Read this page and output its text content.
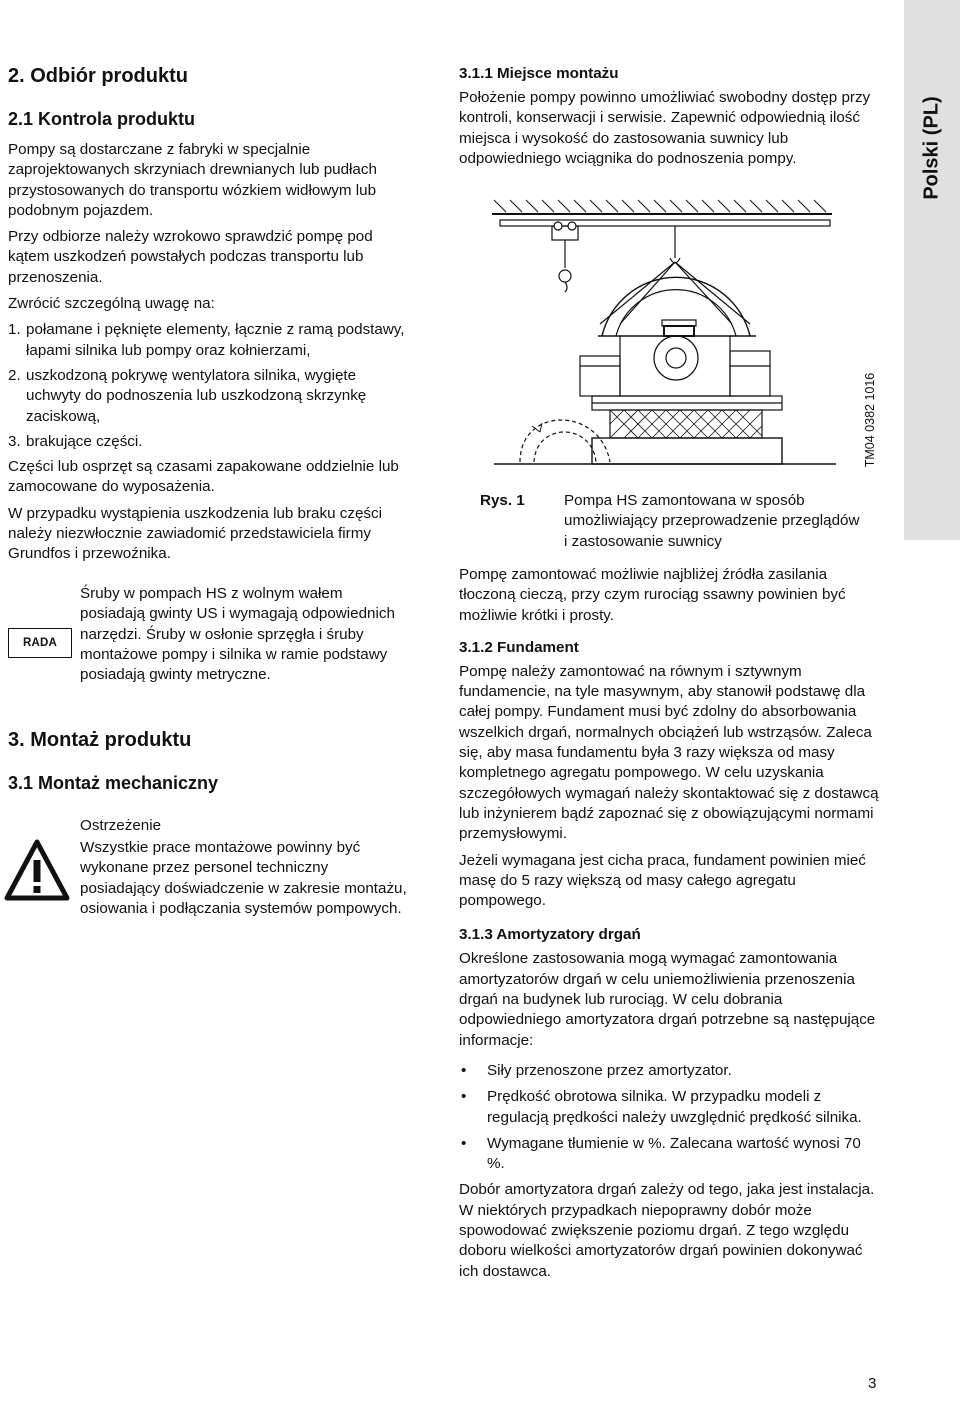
Polski (PL)

2. Odbiór produktu

2.1 Kontrola produktu

Pompy są dostarczane z fabryki w specjalnie zaprojektowanych skrzyniach drewnianych lub pudłach przystosowanych do transportu wózkiem widłowym lub podobnym pojazdem.

Przy odbiorze należy wzrokowo sprawdzić pompę pod kątem uszkodzeń powstałych podczas transportu lub przenoszenia.

Zwrócić szczególną uwagę na:

1. połamane i pęknięte elementy, łącznie z ramą podstawy, łapami silnika lub pompy oraz kołnierzami,
2. uszkodzoną pokrywę wentylatora silnika, wygięte uchwyty do podnoszenia lub uszkodzoną skrzynkę zaciskową,
3. brakujące części.

Części lub osprzęt są czasami zapakowane oddzielnie lub zamocowane do wyposażenia.

W przypadku wystąpienia uszkodzenia lub braku części należy niezwłocznie zawiadomić przedstawiciela firmy Grundfos i przewoźnika.

RADA

Śruby w pompach HS z wolnym wałem posiadają gwinty US i wymagają odpowiednich narzędzi. Śruby w osłonie sprzęgła i śruby montażowe pompy i silnika w ramie podstawy posiadają gwinty metryczne.

3. Montaż produktu

3.1 Montaż mechaniczny

Ostrzeżenie

Wszystkie prace montażowe powinny być wykonane przez personel techniczny posiadający doświadczenie w zakresie montażu, osiowania i podłączania systemów pompowych.

3.1.1 Miejsce montażu

Położenie pompy powinno umożliwiać swobodny dostęp przy kontroli, konserwacji i serwisie. Zapewnić odpowiednią ilość miejsca i wysokość do zastosowania suwnicy lub odpowiedniego wciągnika do podnoszenia pompy.

TM04 0382 1016

Rys. 1	Pompa HS zamontowana w sposób umożliwiający przeprowadzenie przeglądów i zastosowanie suwnicy

Pompę zamontować możliwie najbliżej źródła zasilania tłoczoną cieczą, przy czym rurociąg ssawny powinien być możliwie krótki i prosty.

3.1.2 Fundament

Pompę należy zamontować na równym i sztywnym fundamencie, na tyle masywnym, aby stanowił podstawę dla całej pompy. Fundament musi być zdolny do absorbowania wszelkich drgań, normalnych obciążeń lub wstrząsów. Zaleca się, aby masa fundamentu była 3 razy większa od masy kompletnego agregatu pompowego. W celu uzyskania szczegółowych wymagań należy skontaktować się z dostawcą lub inżynierem bądź zapoznać się z obowiązującymi normami przemysłowymi.

Jeżeli wymagana jest cicha praca, fundament powinien mieć masę do 5 razy większą od masy całego agregatu pompowego.

3.1.3 Amortyzatory drgań

Określone zastosowania mogą wymagać zamontowania amortyzatorów drgań w celu uniemożliwienia przenoszenia drgań na budynek lub rurociąg. W celu dobrania odpowiedniego amortyzatora drgań potrzebne są następujące informacje:

• Siły przenoszone przez amortyzator.
• Prędkość obrotowa silnika. W przypadku modeli z regulacją prędkości należy uwzględnić prędkość silnika.
• Wymagane tłumienie w %. Zalecana wartość wynosi 70 %.

Dobór amortyzatora drgań zależy od tego, jaka jest instalacja. W niektórych przypadkach niepoprawny dobór może spowodować zwiększenie poziomu drgań. Z tego względu doboru wielkości amortyzatorów drgań powinien dokonywać ich dostawca.

3
